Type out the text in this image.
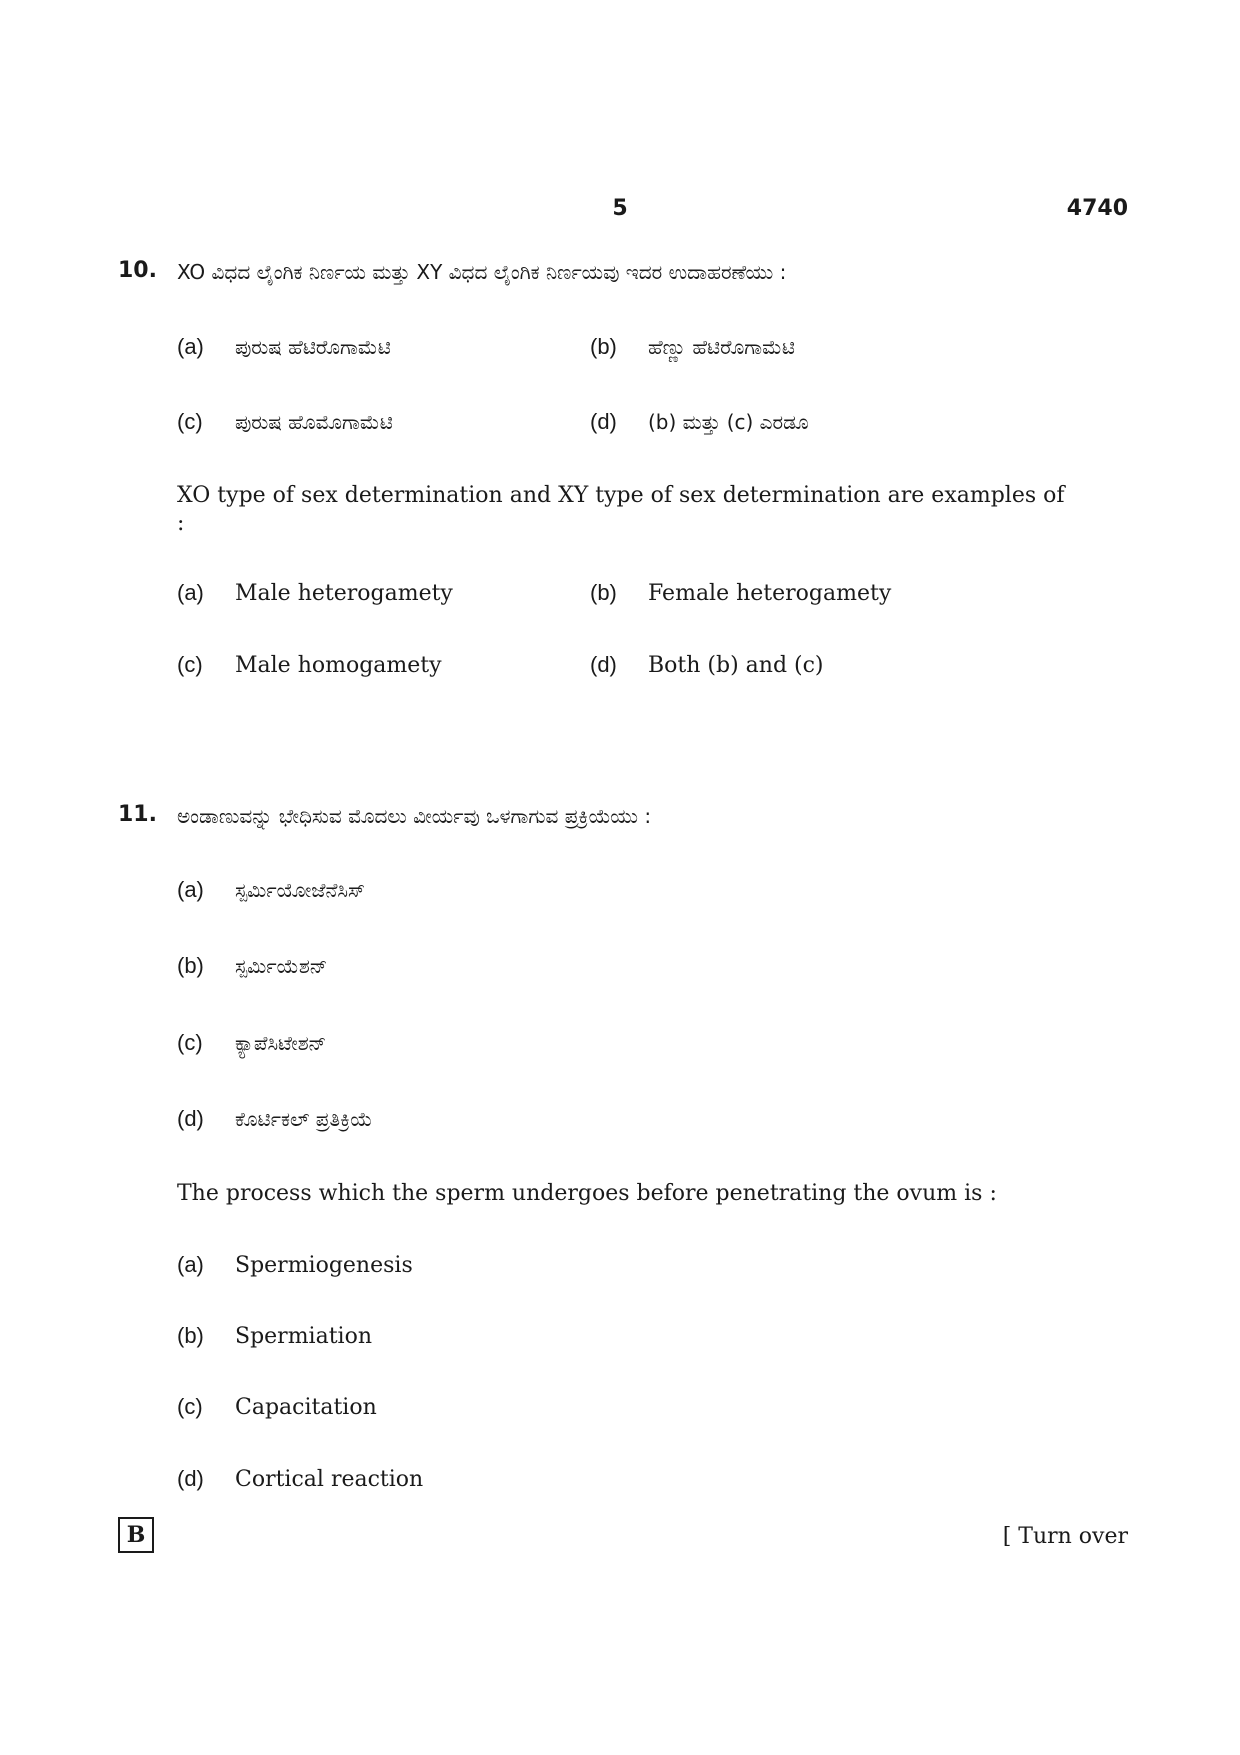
5	4740
10. XO ವಿಧದ ಲೈಂಗಿಕ ನಿರ್ಣಯ ಮತ್ತು XY ವಿಧದ ಲೈಂಗಿಕ ನಿರ್ಣಯವು ಇದರ ಉದಾಹರಣೆಯು :
(a) ಪುರುಷ ಹೆಟಿರೊಗಾಮೆಟಿ	(b) ಹೆಣ್ಣು ಹೆಟಿರೊಗಾಮೆಟಿ
(c) ಪುರುಷ ಹೊಮೊಗಾಮೆಟಿ	(d) (b) ಮತ್ತು (c) ಎರಡೂ
XO type of sex determination and XY type of sex determination are examples of :
(a) Male heterogamety	(b) Female heterogamety
(c) Male homogamety	(d) Both (b) and (c)
11. ಅಂಡಾಣುವನ್ನು ಭೇಧಿಸುವ ಮೊದಲು ವೀರ್ಯವು ಒಳಗಾಗುವ ಪ್ರಕ್ರಿಯೆಯು :
(a) ಸ್ಪರ್ಮಿಯೋಜೆನೆಸಿಸ್
(b) ಸ್ಪರ್ಮಿಯೆಶನ್
(c) ಕ್ಯಾಪೆಸಿಟೇಶನ್
(d) ಕೊರ್ಟಿಕಲ್ ಪ್ರತಿಕ್ರಿಯೆ
The process which the sperm undergoes before penetrating the ovum is :
(a) Spermiogenesis
(b) Spermiation
(c) Capacitation
(d) Cortical reaction
B	[ Turn over
